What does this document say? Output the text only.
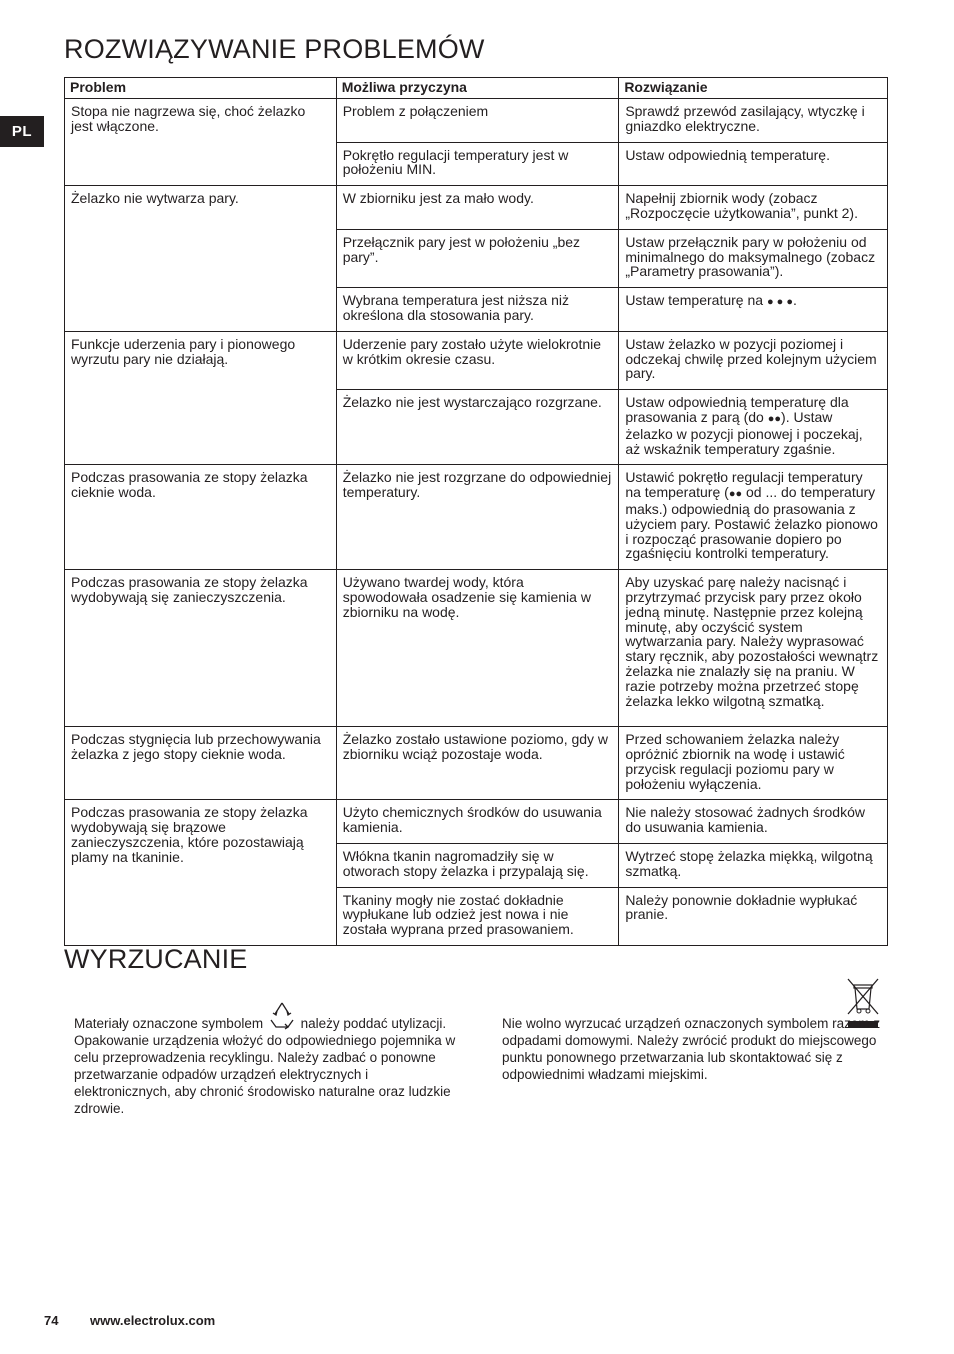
PL
ROZWIĄZYWANIE PROBLEMÓW
Problem	Możliwa przyczyna	Rozwiązanie
Stopa nie nagrzewa się, choć żelazko jest włączone.	Problem z połączeniem	Sprawdź przewód zasilający, wtyczkę i gniazdko elektryczne.
	Pokrętło regulacji temperatury jest w położeniu MIN.	Ustaw odpowiednią temperaturę.
Żelazko nie wytwarza pary.	W zbiorniku jest za mało wody.	Napełnij zbiornik wody (zobacz „Rozpoczęcie użytkowania”, punkt 2).
	Przełącznik pary jest w położeniu „bez pary”.	Ustaw przełącznik pary w położeniu od minimalnego do maksymalnego (zobacz „Parametry prasowania”).
	Wybrana temperatura jest niższa niż określona dla stosowania pary.	Ustaw temperaturę na ● ● ●.
Funkcje uderzenia pary i pionowego wyrzutu pary nie działają.	Uderzenie pary zostało użyte wielokrotnie w krótkim okresie czasu.	Ustaw żelazko w pozycji poziomej i odczekaj chwilę przed kolejnym użyciem pary.
	Żelazko nie jest wystarczająco rozgrzane.	Ustaw odpowiednią temperaturę dla prasowania z parą (do ●●). Ustaw żelazko w pozycji pionowej i poczekaj, aż wskaźnik temperatury zgaśnie.
Podczas prasowania ze stopy żelazka cieknie woda.	Żelazko nie jest rozgrzane do odpowiedniej temperatury.	Ustawić pokrętło regulacji temperatury na temperaturę (●● od ... do temperatury maks.) odpowiednią do prasowania z użyciem pary. Postawić żelazko pionowo i rozpocząć prasowanie dopiero po zgaśnięciu kontrolki temperatury.
Podczas prasowania ze stopy żelazka wydobywają się zanieczyszczenia.	Używano twardej wody, która spowodowała osadzenie się kamienia w zbiorniku na wodę.	Aby uzyskać parę należy nacisnąć i przytrzymać przycisk pary przez około jedną minutę. Następnie przez kolejną minutę, aby oczyścić system wytwarzania pary. Należy wyprasować stary ręcznik, aby pozostałości wewnątrz żelazka nie znalazły się na praniu. W razie potrzeby można przetrzeć stopę żelazka lekko wilgotną szmatką.
Podczas stygnięcia lub przechowywania żelazka z jego stopy cieknie woda.	Żelazko zostało ustawione poziomo, gdy w zbiorniku wciąż pozostaje woda.	Przed schowaniem żelazka należy opróżnić zbiornik na wodę i ustawić przycisk regulacji poziomu pary w położeniu wyłączenia.
Podczas prasowania ze stopy żelazka wydobywają się brązowe zanieczyszczenia, które pozostawiają plamy na tkaninie.	Użyto chemicznych środków do usuwania kamienia.	Nie należy stosować żadnych środków do usuwania kamienia.
	Włókna tkanin nagromadziły się w otworach stopy żelazka i przypalają się.	Wytrzeć stopę żelazka miękką, wilgotną szmatką.
	Tkaniny mogły nie zostać dokładnie wypłukane lub odzież jest nowa i nie została wyprana przed prasowaniem.	Należy ponownie dokładnie wypłukać pranie.
WYRZUCANIE

Materiały oznaczone symbolem  należy poddać utylizacji. Opakowanie urządzenia włożyć do odpowiedniego pojemnika w celu przeprowadzenia recyklingu. Należy zadbać o ponowne przetwarzanie odpadów urządzeń elektrycznych i elektronicznych, aby chronić środowisko naturalne oraz ludzkie zdrowie.

Nie wolno wyrzucać urządzeń oznaczonych symbolem razem z odpadami domowymi. Należy zwrócić produkt do miejscowego punktu ponownego przetwarzania lub skontaktować się z odpowiednimi władzami miejskimi.

74 www.electrolux.com
